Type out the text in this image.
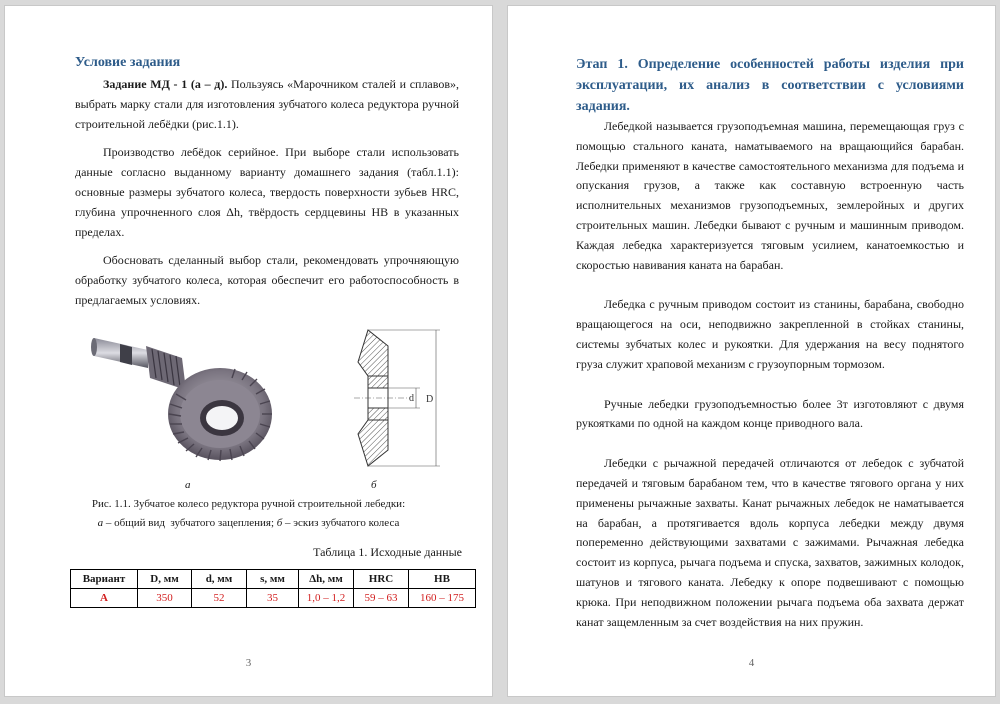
Условие задания

Задание МД - 1 (а – д). Пользуясь «Марочником сталей и сплавов», выбрать марку стали для изготовления зубчатого колеса редуктора ручной строительной лебёдки (рис.1.1).

Производство лебёдок серийное. При выборе стали использовать данные согласно выданному варианту домашнего задания (табл.1.1): основные размеры зубчатого колеса, твердость поверхности зубьев HRC, глубина упрочненного слоя Δh, твёрдость сердцевины НВ в указанных пределах.

Обосновать сделанный выбор стали, рекомендовать упрочняющую обработку зубчатого колеса, которая обеспечит его работоспособность в предлагаемых условиях.

d D
а	б
Рис. 1.1. Зубчатое колесо редуктора ручной строительной лебедки:
а – общий вид  зубчатого зацепления; б – эскиз зубчатого колеса
Таблица 1. Исходные данные
Вариант	D, мм	d, мм	s, мм	Δh, мм	HRC	HB
А	350	52	35	1,0 – 1,2	59 – 63	160 – 175
3

Этап 1. Определение особенностей работы изделия при эксплуатации, их анализ в соответствии с условиями задания.

Лебедкой называется грузоподъемная машина, перемещающая груз с помощью стального каната, наматываемого на вращающийся барабан. Лебедки применяют в качестве самостоятельного механизма для подъема и опускания грузов, а также как составную встроенную часть исполнительных механизмов грузоподъемных, землеройных и других строительных машин. Лебедки бывают с ручным и машинным приводом. Каждая лебедка характеризуется тяговым усилием, канатоемкостью и скоростью навивания каната на барабан.

Лебедка с ручным приводом состоит из станины, барабана, свободно вращающегося на оси, неподвижно закрепленной в стойках станины, системы зубчатых колес и рукоятки. Для удержания на весу поднятого груза служит храповой механизм с грузоупорным тормозом.

Ручные лебедки грузоподъемностью более 3т изготовляют с двумя рукоятками по одной на каждом конце приводного вала.

Лебедки с рычажной передачей отличаются от лебедок с зубчатой передачей и тяговым барабаном тем, что в качестве тягового органа у них применены рычажные захваты. Канат рычажных лебедок не наматывается на барабан, а протягивается вдоль корпуса лебедки между двумя попеременно действующими захватами с зажимами. Рычажная лебедка состоит из корпуса, рычага подъема и спуска, захватов, зажимных колодок, шатунов и тягового каната. Лебедку к опоре подвешивают с помощью крюка. При неподвижном положении рычага подъема оба захвата держат канат защемленным за счет воздействия на них пружин.

4
